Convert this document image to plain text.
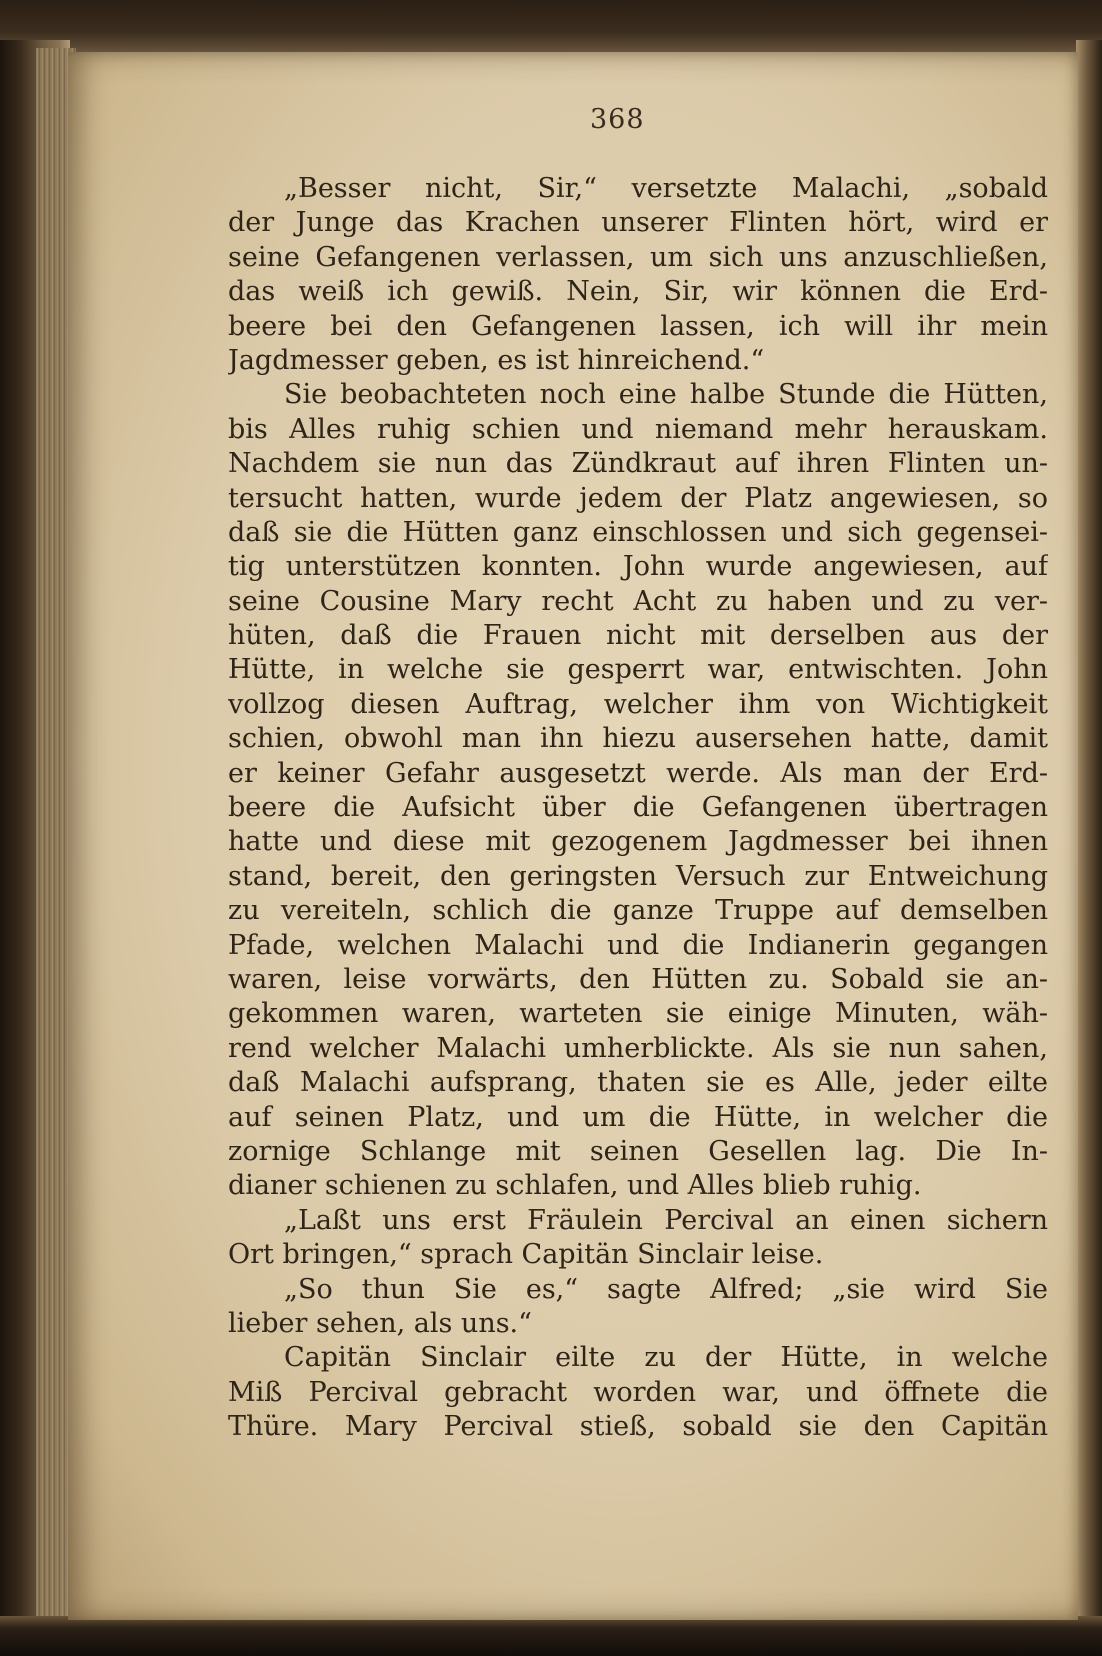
368
„Besser nicht, Sir,“ versetzte Malachi, „sobald
der Junge das Krachen unserer Flinten hört, wird er
seine Gefangenen verlassen, um sich uns anzuschließen,
das weiß ich gewiß. Nein, Sir, wir können die Erd-
beere bei den Gefangenen lassen, ich will ihr mein
Jagdmesser geben, es ist hinreichend.“
Sie beobachteten noch eine halbe Stunde die Hütten,
bis Alles ruhig schien und niemand mehr herauskam.
Nachdem sie nun das Zündkraut auf ihren Flinten un-
tersucht hatten, wurde jedem der Platz angewiesen, so
daß sie die Hütten ganz einschlossen und sich gegensei-
tig unterstützen konnten. John wurde angewiesen, auf
seine Cousine Mary recht Acht zu haben und zu ver-
hüten, daß die Frauen nicht mit derselben aus der
Hütte, in welche sie gesperrt war, entwischten. John
vollzog diesen Auftrag, welcher ihm von Wichtigkeit
schien, obwohl man ihn hiezu ausersehen hatte, damit
er keiner Gefahr ausgesetzt werde. Als man der Erd-
beere die Aufsicht über die Gefangenen übertragen
hatte und diese mit gezogenem Jagdmesser bei ihnen
stand, bereit, den geringsten Versuch zur Entweichung
zu vereiteln, schlich die ganze Truppe auf demselben
Pfade, welchen Malachi und die Indianerin gegangen
waren, leise vorwärts, den Hütten zu. Sobald sie an-
gekommen waren, warteten sie einige Minuten, wäh-
rend welcher Malachi umherblickte. Als sie nun sahen,
daß Malachi aufsprang, thaten sie es Alle, jeder eilte
auf seinen Platz, und um die Hütte, in welcher die
zornige Schlange mit seinen Gesellen lag. Die In-
dianer schienen zu schlafen, und Alles blieb ruhig.
„Laßt uns erst Fräulein Percival an einen sichern
Ort bringen,“ sprach Capitän Sinclair leise.
„So thun Sie es,“ sagte Alfred; „sie wird Sie
lieber sehen, als uns.“
Capitän Sinclair eilte zu der Hütte, in welche
Miß Percival gebracht worden war, und öffnete die
Thüre. Mary Percival stieß, sobald sie den Capitän
